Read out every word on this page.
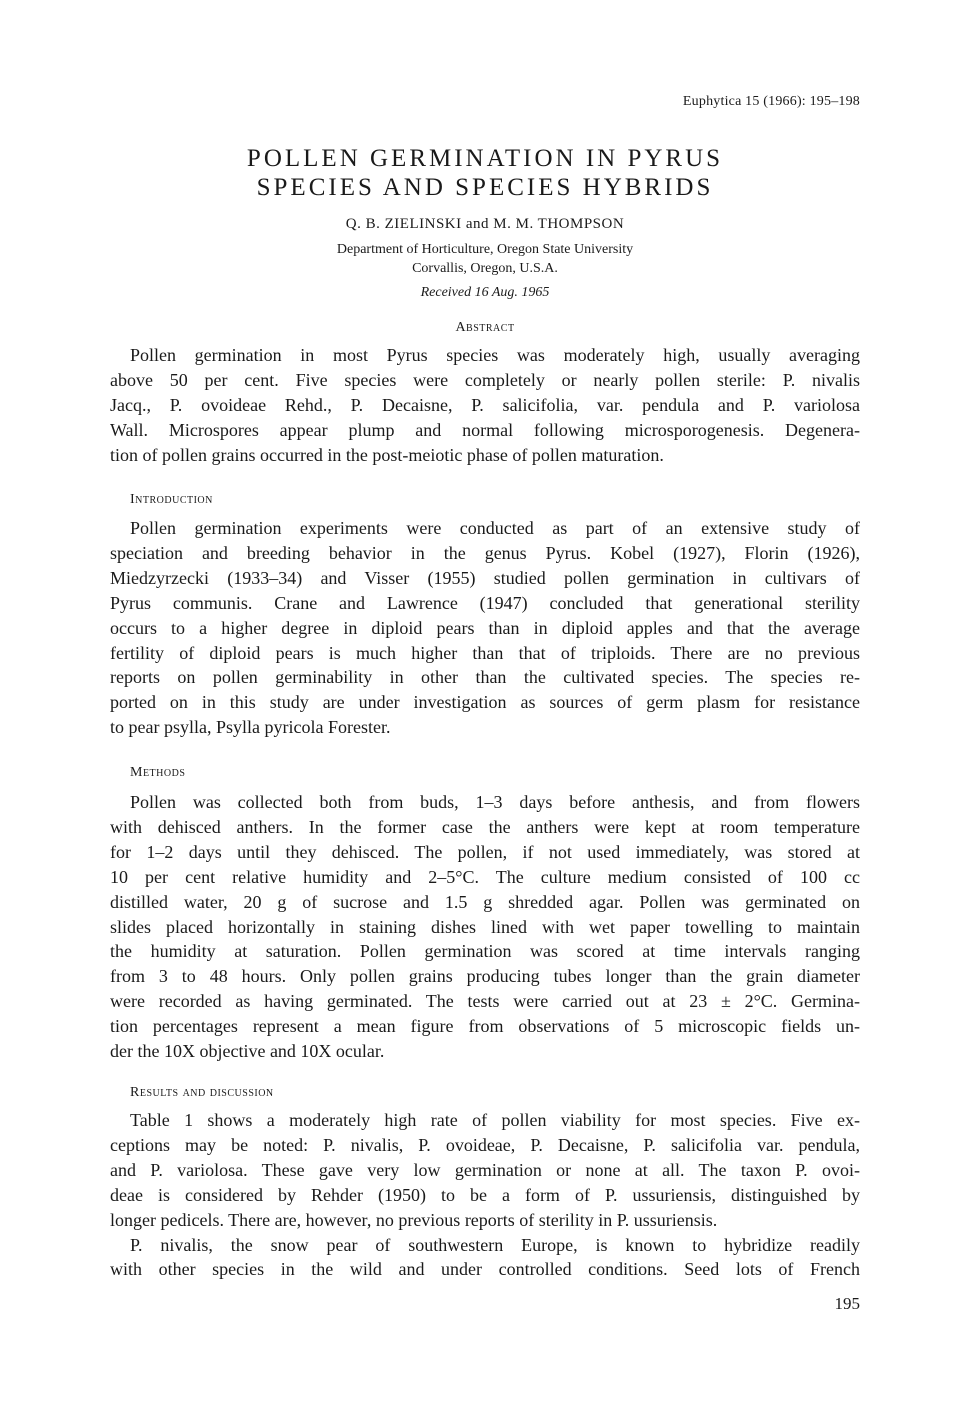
Euphytica 15 (1966): 195–198
POLLEN GERMINATION IN PYRUS
SPECIES AND SPECIES HYBRIDS
Q. B. ZIELINSKI and M. M. THOMPSON
Department of Horticulture, Oregon State University
Corvallis, Oregon, U.S.A.
Received 16 Aug. 1965
Abstract
Pollen germination in most Pyrus species was moderately high, usually averaging
above 50 per cent. Five species were completely or nearly pollen sterile: P. nivalis
Jacq., P. ovoideae Rehd., P. Decaisne, P. salicifolia, var. pendula and P. variolosa
Wall. Microspores appear plump and normal following microsporogenesis. Degenera-
tion of pollen grains occurred in the post-meiotic phase of pollen maturation.
Introduction
Pollen germination experiments were conducted as part of an extensive study of
speciation and breeding behavior in the genus Pyrus. Kobel (1927), Florin (1926),
Miedzyrzecki (1933–34) and Visser (1955) studied pollen germination in cultivars of
Pyrus communis. Crane and Lawrence (1947) concluded that generational sterility
occurs to a higher degree in diploid pears than in diploid apples and that the average
fertility of diploid pears is much higher than that of triploids. There are no previous
reports on pollen germinability in other than the cultivated species. The species re-
ported on in this study are under investigation as sources of germ plasm for resistance
to pear psylla, Psylla pyricola Forester.
Methods
Pollen was collected both from buds, 1–3 days before anthesis, and from flowers
with dehisced anthers. In the former case the anthers were kept at room temperature
for 1–2 days until they dehisced. The pollen, if not used immediately, was stored at
10 per cent relative humidity and 2–5°C. The culture medium consisted of 100 cc
distilled water, 20 g of sucrose and 1.5 g shredded agar. Pollen was germinated on
slides placed horizontally in staining dishes lined with wet paper towelling to maintain
the humidity at saturation. Pollen germination was scored at time intervals ranging
from 3 to 48 hours. Only pollen grains producing tubes longer than the grain diameter
were recorded as having germinated. The tests were carried out at 23 ± 2°C. Germina-
tion percentages represent a mean figure from observations of 5 microscopic fields un-
der the 10X objective and 10X ocular.
Results and discussion
Table 1 shows a moderately high rate of pollen viability for most species. Five ex-
ceptions may be noted: P. nivalis, P. ovoideae, P. Decaisne, P. salicifolia var. pendula,
and P. variolosa. These gave very low germination or none at all. The taxon P. ovoi-
deae is considered by Rehder (1950) to be a form of P. ussuriensis, distinguished by
longer pedicels. There are, however, no previous reports of sterility in P. ussuriensis.
P. nivalis, the snow pear of southwestern Europe, is known to hybridize readily
with other species in the wild and under controlled conditions. Seed lots of French
195
